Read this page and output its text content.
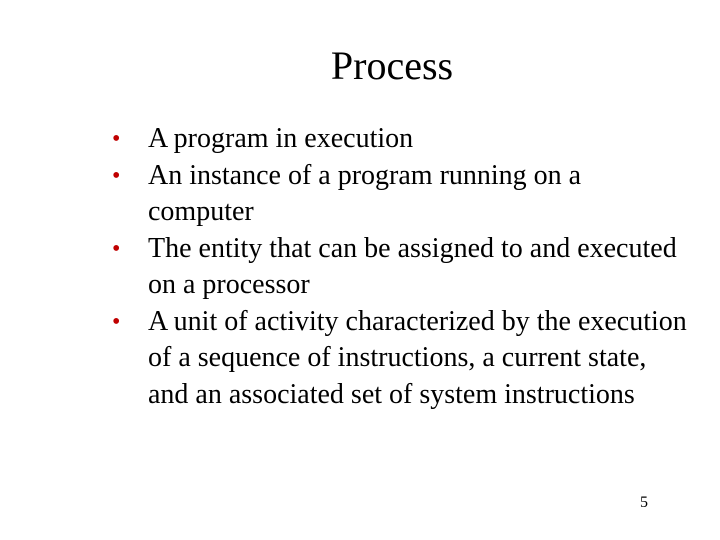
Process
• A program in execution
• An instance of a program running on a computer
• The entity that can be assigned to and executed on a processor
• A unit of activity characterized by the execution of a sequence of instructions, a current state, and an associated set of system instructions
5
